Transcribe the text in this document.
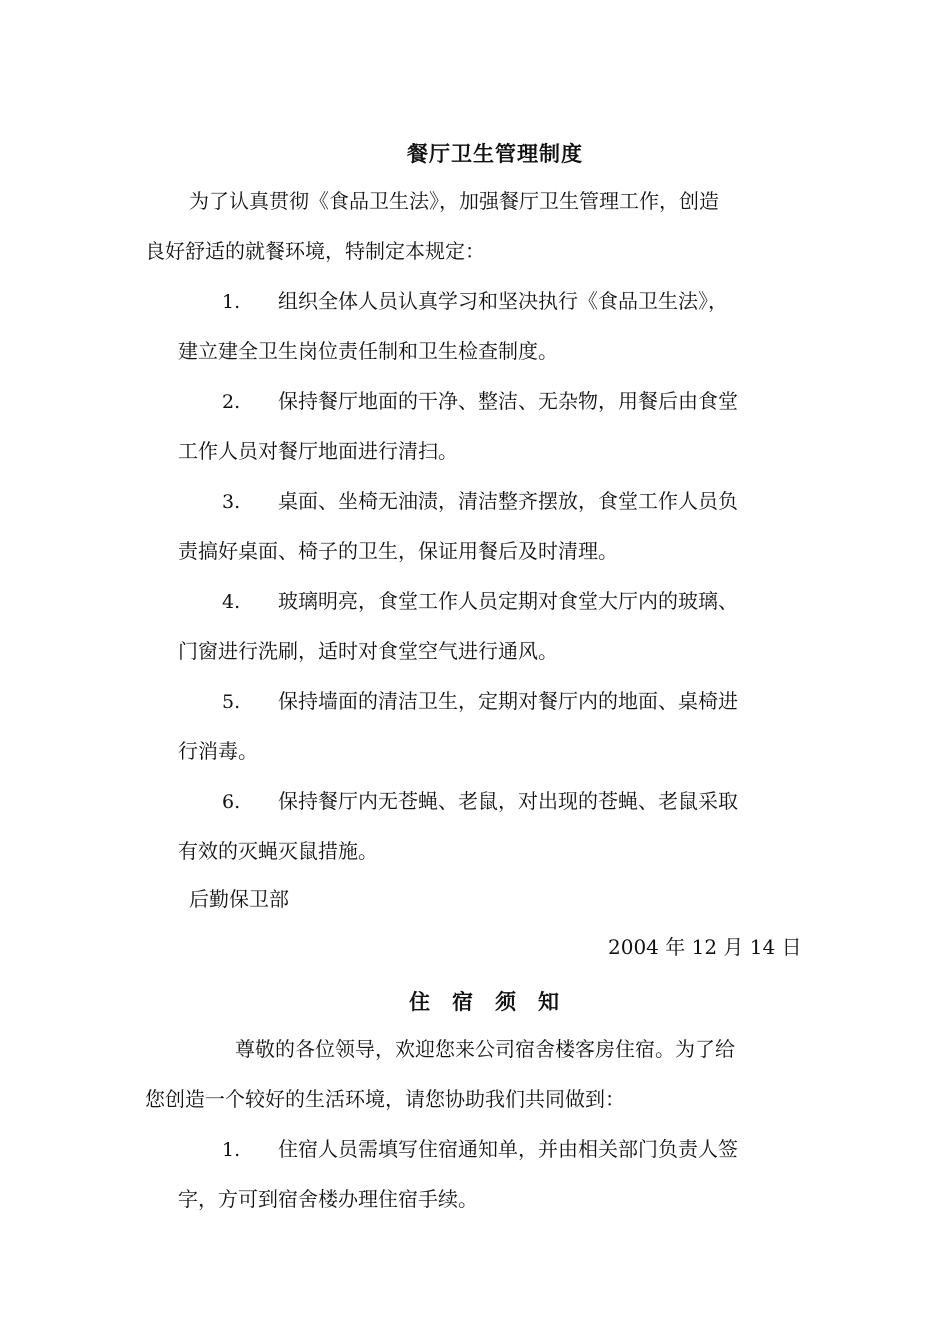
餐厅卫生管理制度
为了认真贯彻《食品卫生法》，加强餐厅卫生管理工作，创造
良好舒适的就餐环境，特制定本规定：
1. 组织全体人员认真学习和坚决执行《食品卫生法》，
建立建全卫生岗位责任制和卫生检查制度。
2. 保持餐厅地面的干净、整洁、无杂物，用餐后由食堂
工作人员对餐厅地面进行清扫。
3. 桌面、坐椅无油渍，清洁整齐摆放，食堂工作人员负
责搞好桌面、椅子的卫生，保证用餐后及时清理。
4. 玻璃明亮，食堂工作人员定期对食堂大厅内的玻璃、
门窗进行洗刷，适时对食堂空气进行通风。
5. 保持墙面的清洁卫生，定期对餐厅内的地面、桌椅进
行消毒。
6. 保持餐厅内无苍蝇、老鼠，对出现的苍蝇、老鼠采取
有效的灭蝇灭鼠措施。
后勤保卫部
2004 年 12 月 14 日
住宿须知
尊敬的各位领导，欢迎您来公司宿舍楼客房住宿。为了给
您创造一个较好的生活环境，请您协助我们共同做到：
1. 住宿人员需填写住宿通知单，并由相关部门负责人签
字，方可到宿舍楼办理住宿手续。
